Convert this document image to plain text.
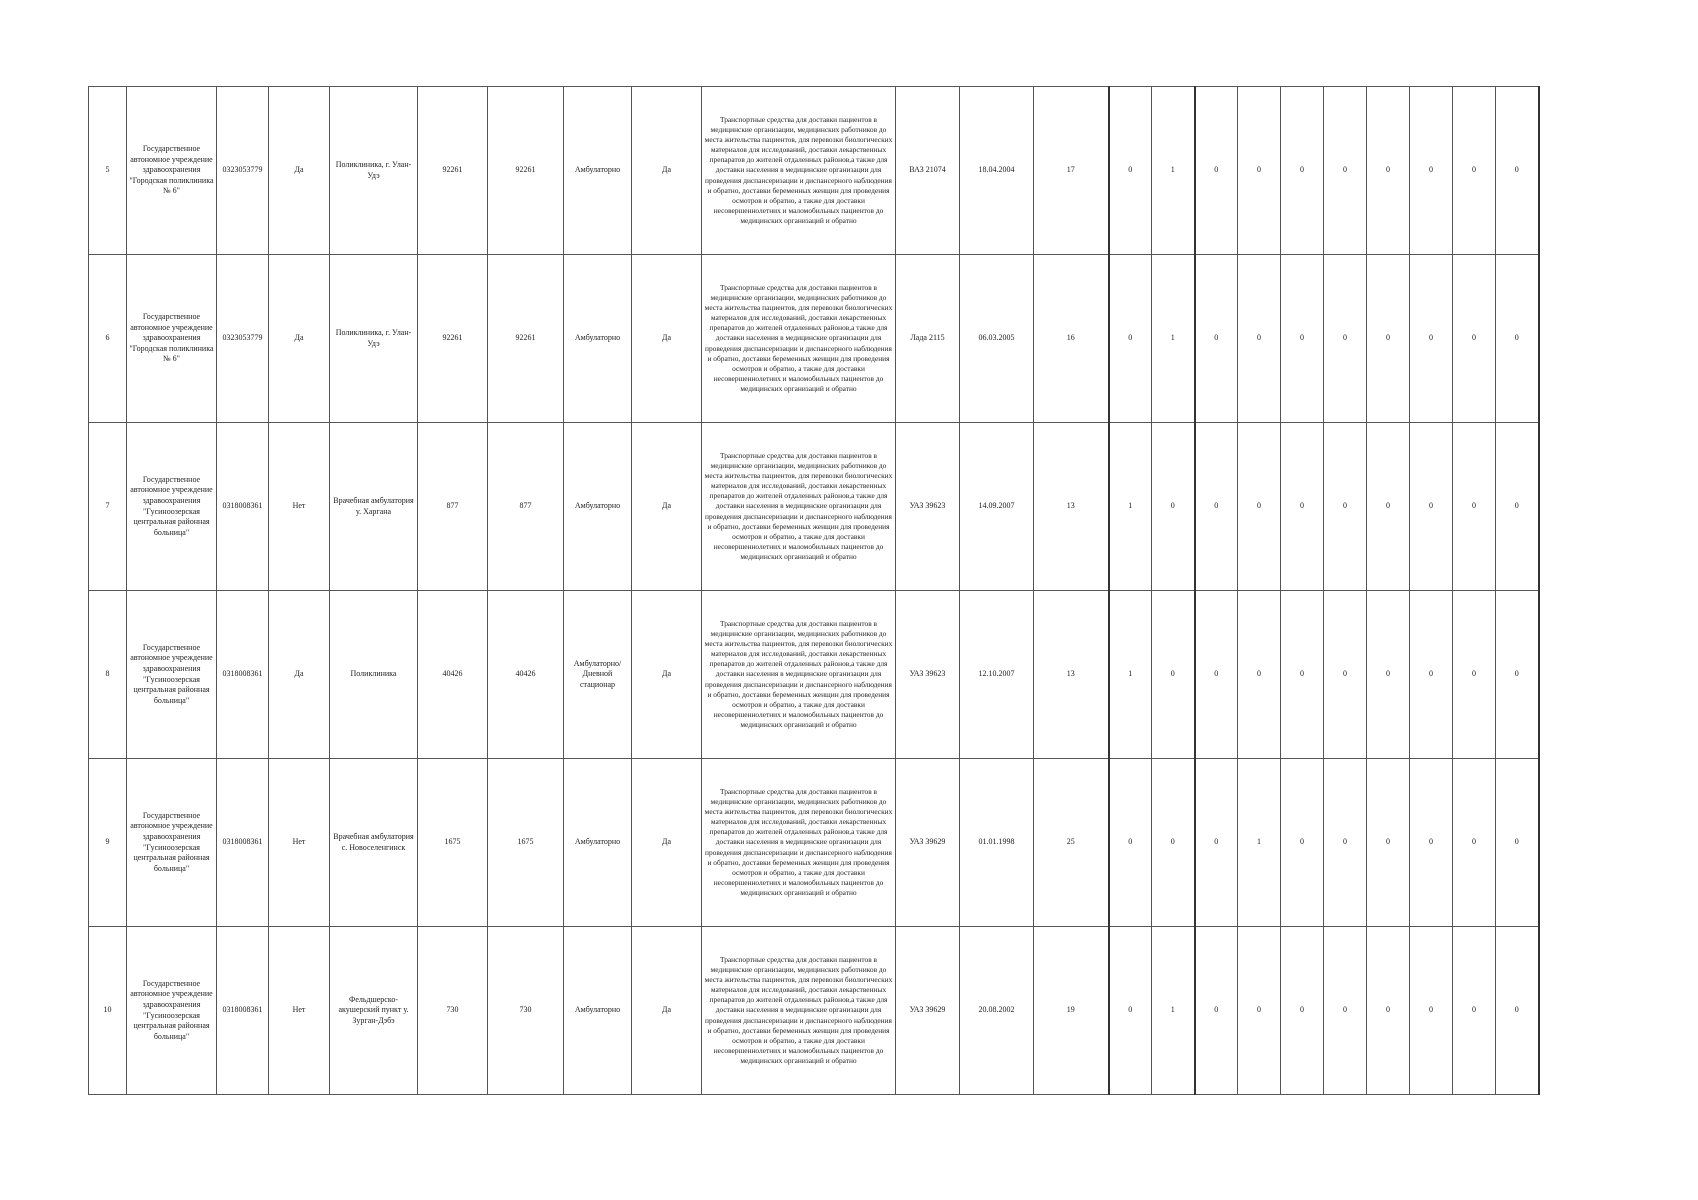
5	Государственное автономное учреждение здравоохранения "Городская поликлиника № 6"	0323053779	Да	Поликлиника, г. Улан-Удэ	92261	92261	Амбулаторно	Да	Транспортные средства для доставки пациентов в медицинские организации, медицинских работников до места жительства пациентов, для перевозки биологических материалов для исследований, доставки лекарственных препаратов до жителей отдаленных районов,а также для доставки населения в медицинские организации для проведения диспансеризации и диспансерного наблюдения и обратно, доставки беременных женщин для проведения осмотров и обратно, а также для доставки несовершеннолетних и маломобильных пациентов до медицинских организаций и обратно	ВАЗ 21074	18.04.2004	17	0	1	0	0	0	0	0	0	0	0
6	Государственное автономное учреждение здравоохранения "Городская поликлиника № 6"	0323053779	Да	Поликлиника, г. Улан-Удэ	92261	92261	Амбулаторно	Да	Транспортные средства для доставки пациентов в медицинские организации, медицинских работников до места жительства пациентов, для перевозки биологических материалов для исследований, доставки лекарственных препаратов до жителей отдаленных районов,а также для доставки населения в медицинские организации для проведения диспансеризации и диспансерного наблюдения и обратно, доставки беременных женщин для проведения осмотров и обратно, а также для доставки несовершеннолетних и маломобильных пациентов до медицинских организаций и обратно	Лада 2115	06.03.2005	16	0	1	0	0	0	0	0	0	0	0
7	Государственное автономное учреждение здравоохранения "Гусиноозерская центральная районная больница"	0318008361	Нет	Врачебная амбулатория у. Харгана	877	877	Амбулаторно	Да	Транспортные средства для доставки пациентов в медицинские организации, медицинских работников до места жительства пациентов, для перевозки биологических материалов для исследований, доставки лекарственных препаратов до жителей отдаленных районов,а также для доставки населения в медицинские организации для проведения диспансеризации и диспансерного наблюдения и обратно, доставки беременных женщин для проведения осмотров и обратно, а также для доставки несовершеннолетних и маломобильных пациентов до медицинских организаций и обратно	УАЗ 39623	14.09.2007	13	1	0	0	0	0	0	0	0	0	0
8	Государственное автономное учреждение здравоохранения "Гусиноозерская центральная районная больница"	0318008361	Да	Поликлиника	40426	40426	Амбулаторно/Дневной стационар	Да	Транспортные средства для доставки пациентов в медицинские организации, медицинских работников до места жительства пациентов, для перевозки биологических материалов для исследований, доставки лекарственных препаратов до жителей отдаленных районов,а также для доставки населения в медицинские организации для проведения диспансеризации и диспансерного наблюдения и обратно, доставки беременных женщин для проведения осмотров и обратно, а также для доставки несовершеннолетних и маломобильных пациентов до медицинских организаций и обратно	УАЗ 39623	12.10.2007	13	1	0	0	0	0	0	0	0	0	0
9	Государственное автономное учреждение здравоохранения "Гусиноозерская центральная районная больница"	0318008361	Нет	Врачебная амбулатория с. Новоселенгинск	1675	1675	Амбулаторно	Да	Транспортные средства для доставки пациентов в медицинские организации, медицинских работников до места жительства пациентов, для перевозки биологических материалов для исследований, доставки лекарственных препаратов до жителей отдаленных районов,а также для доставки населения в медицинские организации для проведения диспансеризации и диспансерного наблюдения и обратно, доставки беременных женщин для проведения осмотров и обратно, а также для доставки несовершеннолетних и маломобильных пациентов до медицинских организаций и обратно	УАЗ 39629	01.01.1998	25	0	0	0	1	0	0	0	0	0	0
10	Государственное автономное учреждение здравоохранения "Гусиноозерская центральная районная больница"	0318008361	Нет	Фельдшерско-акушерский пункт у. Зурган-Дэбэ	730	730	Амбулаторно	Да	Транспортные средства для доставки пациентов в медицинские организации, медицинских работников до места жительства пациентов, для перевозки биологических материалов для исследований, доставки лекарственных препаратов до жителей отдаленных районов,а также для доставки населения в медицинские организации для проведения диспансеризации и диспансерного наблюдения и обратно, доставки беременных женщин для проведения осмотров и обратно, а также для доставки несовершеннолетних и маломобильных пациентов до медицинских организаций и обратно	УАЗ 39629	20.08.2002	19	0	1	0	0	0	0	0	0	0	0
